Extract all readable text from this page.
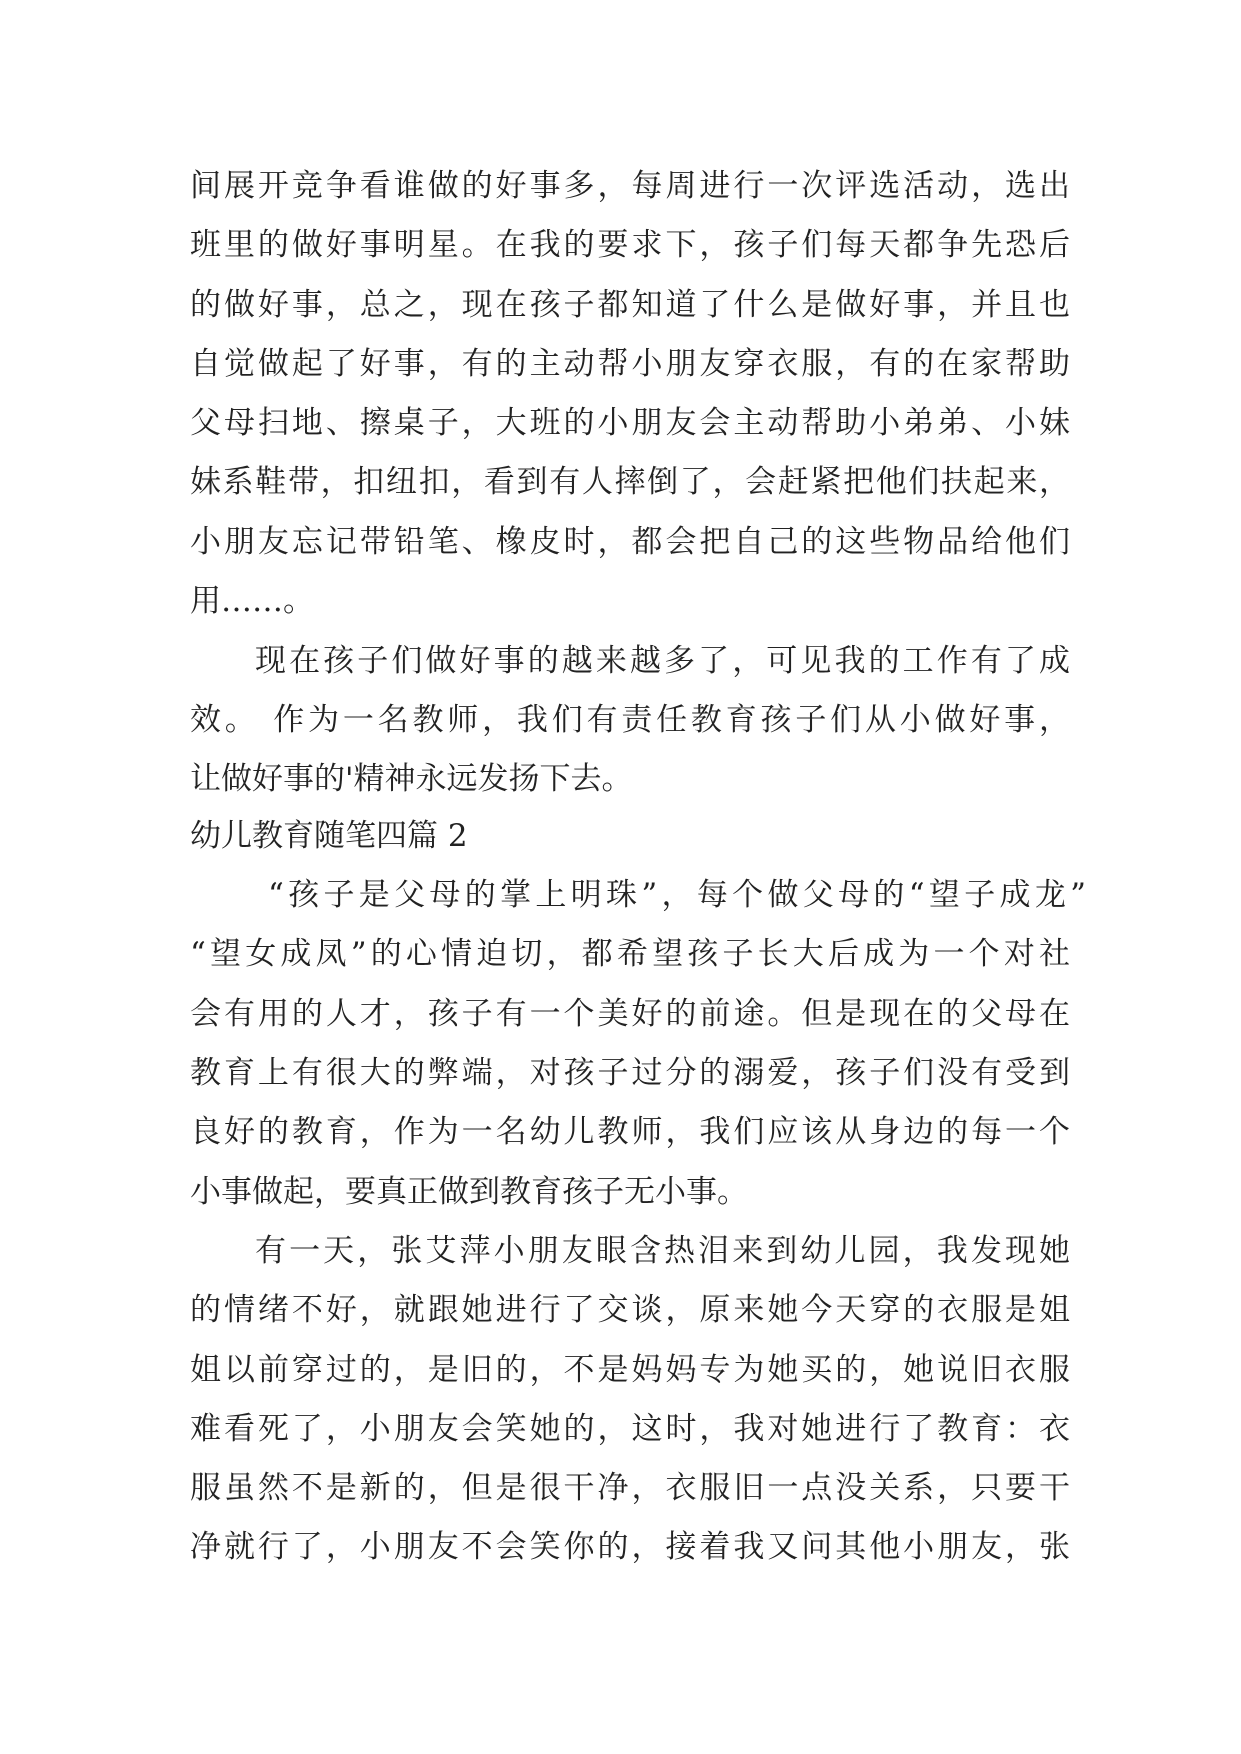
间展开竞争看谁做的好事多，每周进行一次评选活动，选出
班里的做好事明星。在我的要求下，孩子们每天都争先恐后
的做好事，总之，现在孩子都知道了什么是做好事，并且也
自觉做起了好事，有的主动帮小朋友穿衣服，有的在家帮助
父母扫地、擦桌子，大班的小朋友会主动帮助小弟弟、小妹
妹系鞋带，扣纽扣，看到有人摔倒了，会赶紧把他们扶起来，
小朋友忘记带铅笔、橡皮时，都会把自己的这些物品给他们
用……。
现在孩子们做好事的越来越多了，可见我的工作有了成
效。 作为一名教师，我们有责任教育孩子们从小做好事，
让做好事的'精神永远发扬下去。
幼儿教育随笔四篇 2
“孩子是父母的掌上明珠”，每个做父母的“望子成龙”
“望女成凤”的心情迫切，都希望孩子长大后成为一个对社
会有用的人才，孩子有一个美好的前途。但是现在的父母在
教育上有很大的弊端，对孩子过分的溺爱，孩子们没有受到
良好的教育，作为一名幼儿教师，我们应该从身边的每一个
小事做起，要真正做到教育孩子无小事。
有一天，张艾萍小朋友眼含热泪来到幼儿园，我发现她
的情绪不好，就跟她进行了交谈，原来她今天穿的衣服是姐
姐以前穿过的，是旧的，不是妈妈专为她买的，她说旧衣服
难看死了，小朋友会笑她的，这时，我对她进行了教育：衣
服虽然不是新的，但是很干净，衣服旧一点没关系，只要干
净就行了，小朋友不会笑你的，接着我又问其他小朋友，张
